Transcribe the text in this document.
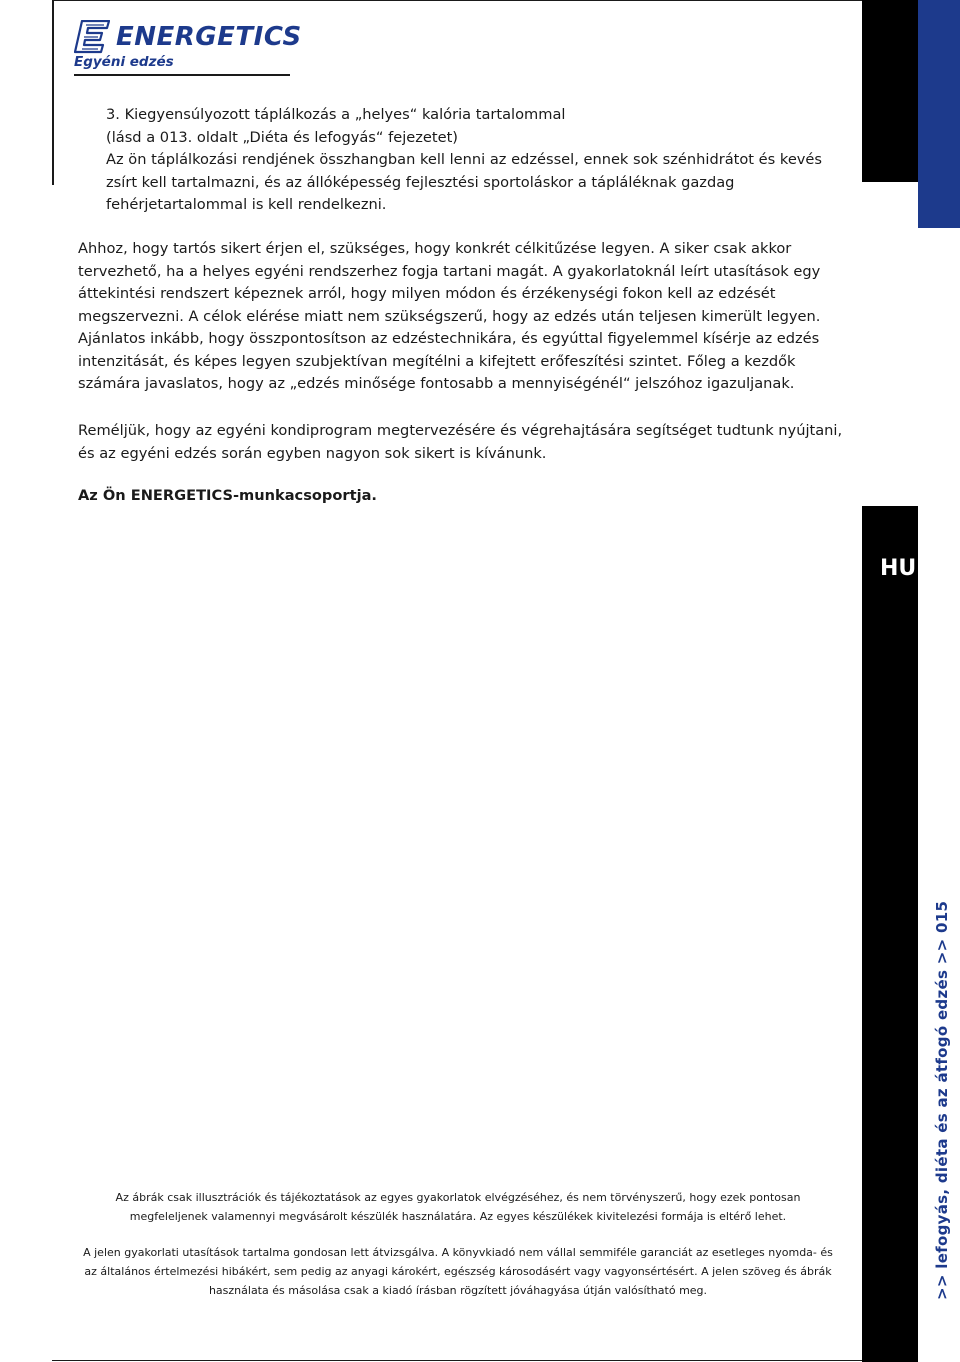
ENERGETICS
Egyéni edzés
HU
>> lefogyás, diéta és az átfogó edzés >> 015

3. Kiegyensúlyozott táplálkozás a „helyes“ kalória tartalommal

(lásd a 013. oldalt „Diéta és lefogyás“ fejezetet)

Az ön táplálkozási rendjének összhangban kell lenni az edzéssel, ennek sok szénhidrátot és kevés zsírt kell tartalmazni, és az állóképesség fejlesztési sportoláskor a tápláléknak gazdag fehérjetartalommal is kell rendelkezni.

Ahhoz, hogy tartós sikert érjen el, szükséges, hogy konkrét célkitűzése legyen. A siker csak akkor tervezhető, ha a helyes egyéni rendszerhez fogja tartani magát. A gyakorlatoknál leírt utasítások egy áttekintési rendszert képeznek arról, hogy milyen módon és érzékenységi fokon kell az edzését megszervezni. A célok elérése miatt nem szükségszerű, hogy az edzés után teljesen kimerült legyen. Ajánlatos inkább, hogy összpontosítson az edzéstechnikára, és egyúttal figyelemmel kísérje az edzés intenzitását, és képes legyen szubjektívan megítélni a kifejtett erőfeszítési szintet. Főleg a kezdők számára javaslatos, hogy az „edzés minősége fontosabb a mennyiségénél“ jelszóhoz igazuljanak.

Reméljük, hogy az egyéni kondiprogram megtervezésére és végrehajtására segítséget tudtunk nyújtani, és az egyéni edzés során egyben nagyon sok sikert is kívánunk.

Az Ön ENERGETICS-munkacsoportja.

Az ábrák csak illusztrációk és tájékoztatások az egyes gyakorlatok elvégzéséhez, és nem törvényszerű, hogy ezek pontosan megfeleljenek valamennyi megvásárolt készülék használatára. Az egyes készülékek kivitelezési formája is eltérő lehet.

A jelen gyakorlati utasítások tartalma gondosan lett átvizsgálva. A könyvkiadó nem vállal semmiféle garanciát az esetleges nyomda- és az általános értelmezési hibákért, sem pedig az anyagi károkért, egészség károsodásért vagy vagyonsértésért. A jelen szöveg és ábrák használata és másolása csak a kiadó írásban rögzített jóváhagyása útján valósítható meg.
